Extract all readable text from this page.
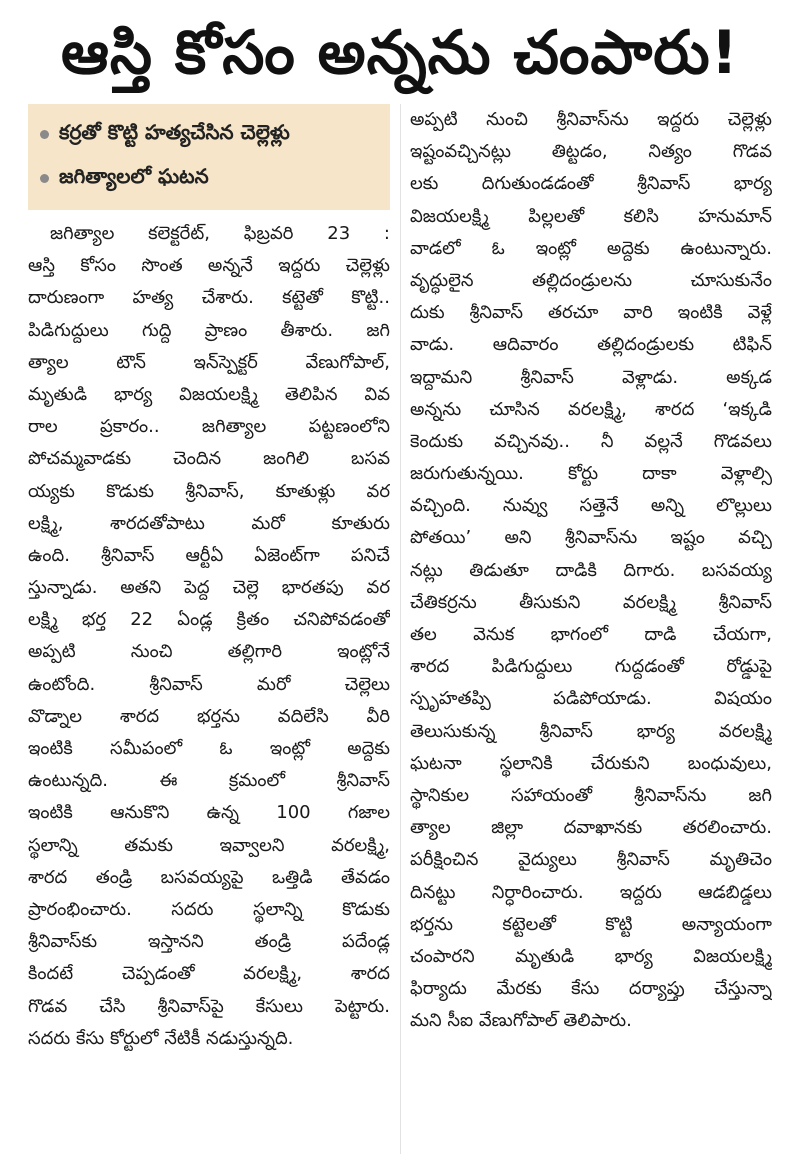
ఆస్తి కోసం అన్నను చంపారు!
కర్రతో కొట్టి హత్యచేసిన చెల్లెళ్లు
జగిత్యాలలో ఘటన
జగిత్యాల కలెక్టరేట్, ఫిబ్రవరి 23 :
ఆస్తి కోసం సొంత అన్ననే ఇద్దరు చెల్లెళ్లు
దారుణంగా హత్య చేశారు. కట్టెతో కొట్టి..
పిడిగుద్దులు గుద్ది ప్రాణం తీశారు. జగి
త్యాల టౌన్ ఇన్‌స్పెక్టర్ వేణుగోపాల్,
మృతుడి భార్య విజయలక్ష్మి తెలిపిన వివ
రాల ప్రకారం.. జగిత్యాల పట్టణంలోని
పోచమ్మవాడకు చెందిన జంగిలి బసవ
య్యకు కొడుకు శ్రీనివాస్, కూతుళ్లు వర
లక్ష్మి, శారదతోపాటు మరో కూతురు
ఉంది. శ్రీనివాస్ ఆర్టీఏ ఏజెంట్‌గా పనిచే
స్తున్నాడు. అతని పెద్ద చెల్లె భారతపు వర
లక్ష్మి భర్త 22 ఏండ్ల క్రితం చనిపోవడంతో
అప్పటి నుంచి తల్లిగారి ఇంట్లోనే
ఉంటోంది. శ్రీనివాస్ మరో చెల్లెలు
వొడ్నాల శారద భర్తను వదిలేసి వీరి
ఇంటికి సమీపంలో ఓ ఇంట్లో అద్దెకు
ఉంటున్నది. ఈ క్రమంలో శ్రీనివాస్
ఇంటికి ఆనుకొని ఉన్న 100 గజాల
స్థలాన్ని తమకు ఇవ్వాలని వరలక్ష్మి,
శారద తండ్రి బసవయ్యపై ఒత్తిడి తేవడం
ప్రారంభించారు. సదరు స్థలాన్ని కొడుకు
శ్రీనివాస్‌కు ఇస్తానని తండ్రి పదేండ్ల
కిందటే చెప్పడంతో వరలక్ష్మి, శారద
గొడవ చేసి శ్రీనివాస్‌పై కేసులు పెట్టారు.
సదరు కేసు కోర్టులో నేటికీ నడుస్తున్నది.
అప్పటి నుంచి శ్రీనివాస్‌ను ఇద్దరు చెల్లెళ్లు
ఇష్టంవచ్చినట్లు తిట్టడం, నిత్యం గొడవ
లకు దిగుతుండడంతో శ్రీనివాస్ భార్య
విజయలక్ష్మి పిల్లలతో కలిసి హనుమాన్
వాడలో ఓ ఇంట్లో అద్దెకు ఉంటున్నారు.
వృద్ధులైన తల్లిదండ్రులను చూసుకునేం
దుకు శ్రీనివాస్ తరచూ వారి ఇంటికి వెళ్లే
వాడు. ఆదివారం తల్లిదండ్రులకు టిఫిన్
ఇద్దామని శ్రీనివాస్ వెళ్లాడు. అక్కడ
అన్నను చూసిన వరలక్ష్మి, శారద ‘ఇక్కడి
కెందుకు వచ్చినవు.. నీ వల్లనే గొడవలు
జరుగుతున్నయి. కోర్టు దాకా వెళ్లాల్సి
వచ్చింది. నువ్వు సత్తెనే అన్ని లొల్లులు
పోతయి’ అని శ్రీనివాస్‌ను ఇష్టం వచ్చి
నట్లు తిడుతూ దాడికి దిగారు. బసవయ్య
చేతికర్రను తీసుకుని వరలక్ష్మి శ్రీనివాస్
తల వెనుక భాగంలో దాడి చేయగా,
శారద పిడిగుద్దులు గుద్దడంతో రోడ్డుపై
స్పృహతప్పి పడిపోయాడు. విషయం
తెలుసుకున్న శ్రీనివాస్ భార్య వరలక్ష్మి
ఘటనా స్థలానికి చేరుకుని బంధువులు,
స్థానికుల సహాయంతో శ్రీనివాస్‌ను జగి
త్యాల జిల్లా దవాఖానకు తరలించారు.
పరీక్షించిన వైద్యులు శ్రీనివాస్ మృతిచెం
దినట్టు నిర్ధారించారు. ఇద్దరు ఆడబిడ్డలు
భర్తను కట్టెలతో కొట్టి అన్యాయంగా
చంపారని మృతుడి భార్య విజయలక్ష్మి
ఫిర్యాదు మేరకు కేసు దర్యాప్తు చేస్తున్నా
మని సీఐ వేణుగోపాల్ తెలిపారు.
